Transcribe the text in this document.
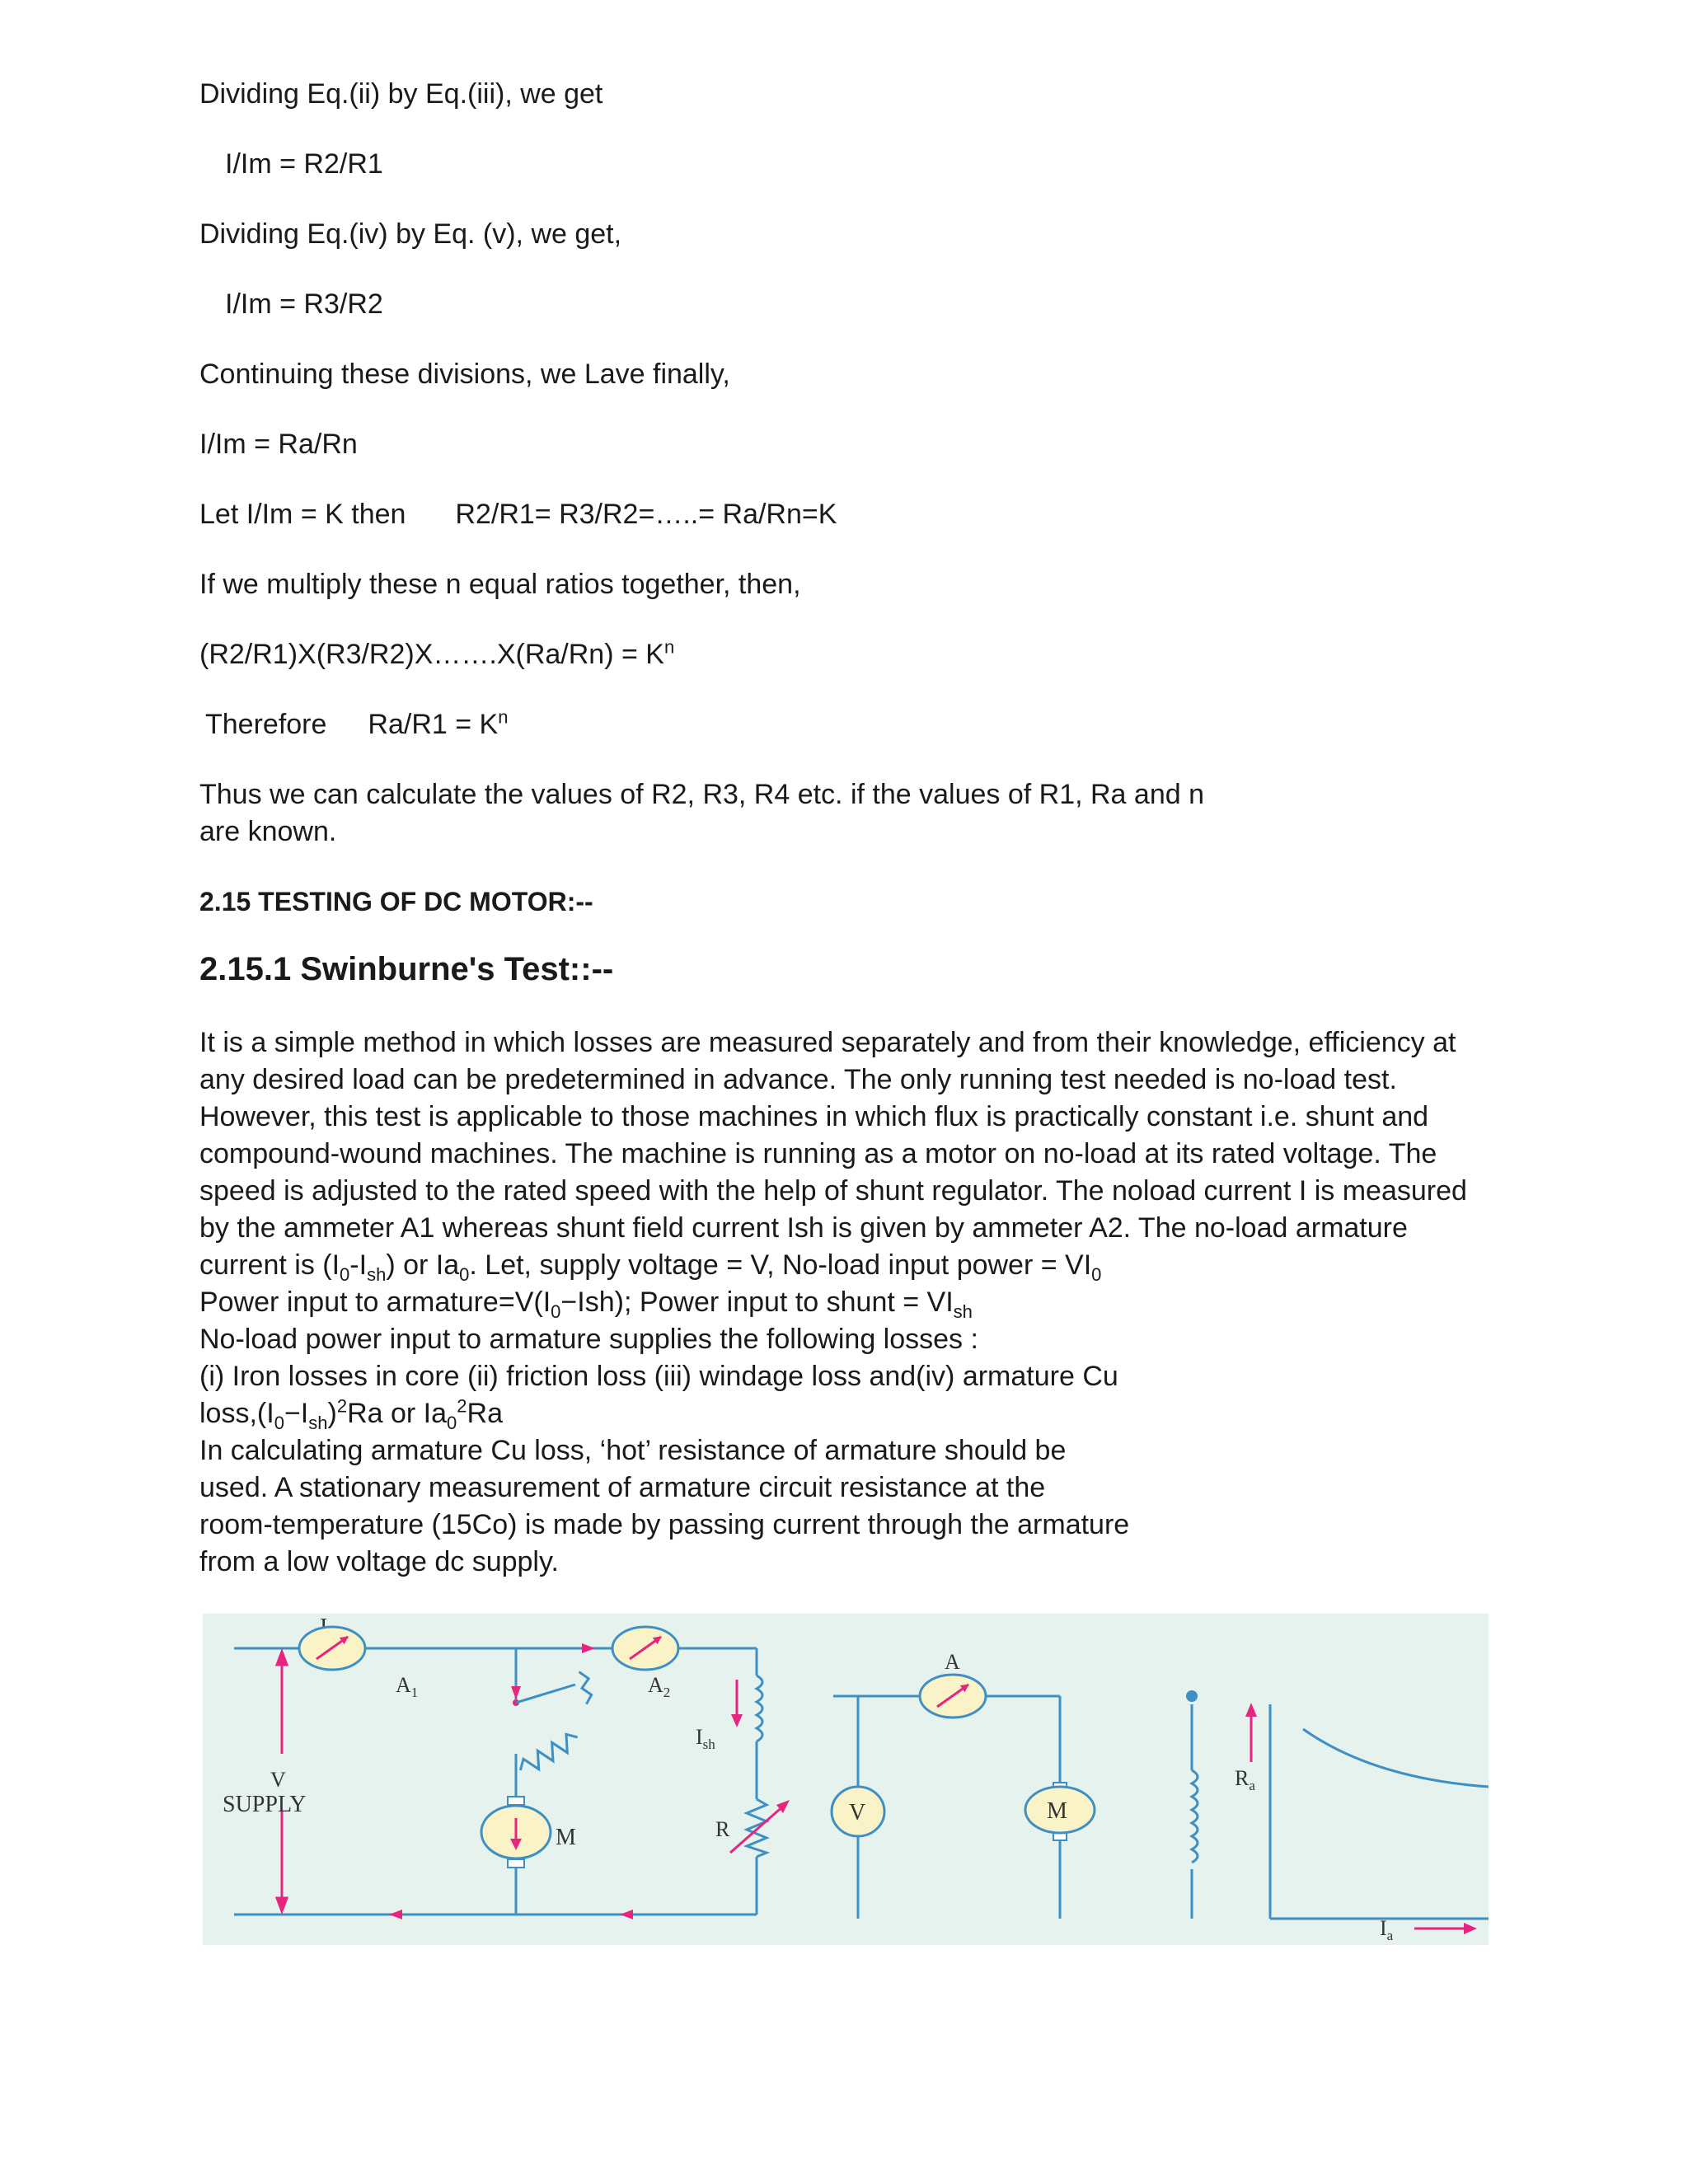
Dividing Eq.(ii) by Eq.(iii), we get
I/Im = R2/R1
Dividing Eq.(iv) by Eq. (v), we get,
I/Im = R3/R2
Continuing these divisions, we Lave finally,
I/Im = Ra/Rn
Let I/Im = K then R2/R1= R3/R2=…..= Ra/Rn=K
If we multiply these n equal ratios together, then,
(R2/R1)X(R3/R2)X…….X(Ra/Rn) = $K^n$
Therefore $Ra/R1 = K^n$
Thus we can calculate the values of R2, R3, R4 etc. if the values of R1, Ra and n
are known.
2.15 TESTING OF DC MOTOR:--
2.15.1 Swinburne's Test::--
It is a simple method in which losses are measured separately and from their knowledge, efficiency at
any desired load can be predetermined in advance. The only running test needed is no-load test.
However, this test is applicable to those machines in which flux is practically constant i.e. shunt and
compound-wound machines. The machine is running as a motor on no-load at its rated voltage. The
speed is adjusted to the rated speed with the help of shunt regulator. The noload current I is measured
by the ammeter A1 whereas shunt field current Ish is given by ammeter A2. The no-load armature
current is $(I_0-I_{sh})$ or $Ia_0$. Let, supply voltage = V, No-load input power = $VI_0$
Power input to $armature=V(I_0-Ish)$; Power input to shunt = $VI_{sh}$
No-load power input to armature supplies the following losses :
(i) Iron losses in core (ii) friction loss (iii) windage loss and(iv) armature Cu
$loss,(I_0-I_{sh})^2Ra$ or $Ia_0^2Ra$
In calculating armature Cu loss, ‘hot’ resistance of armature should be
used. A stationary measurement of armature circuit resistance at the
room-temperature (15Co) is made by passing current through the armature
from a low voltage dc supply.
$A_1$	$A_2$
M
V
SUPPLY
$I_{sh}$
R
A
V	M
$R_a$
$I_a$
